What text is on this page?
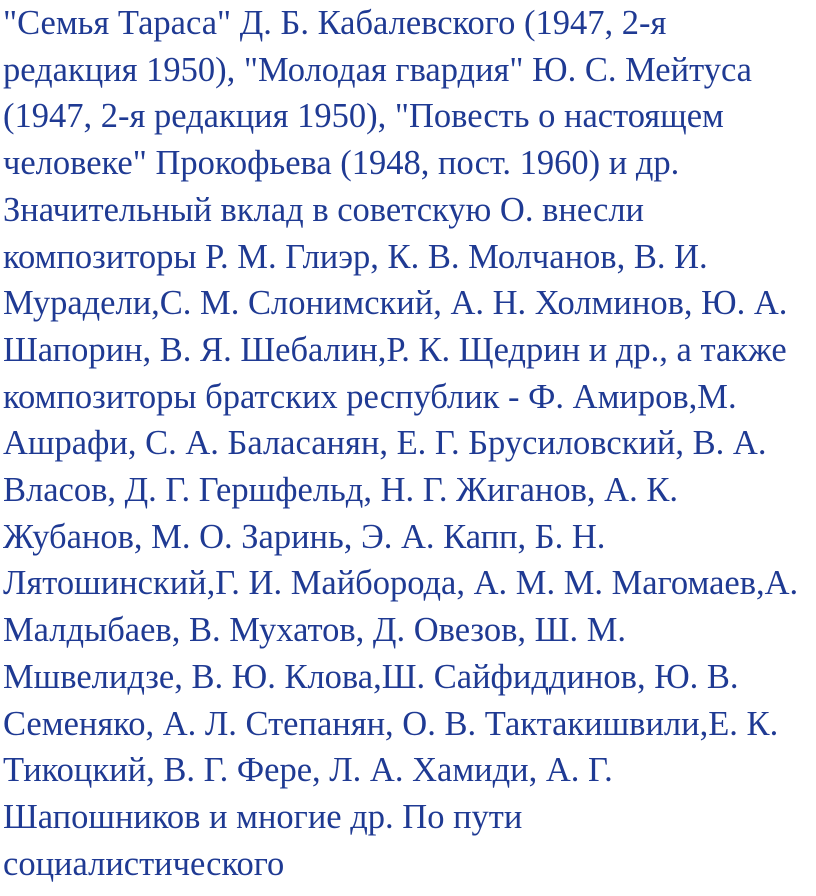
"Семья Тараса" Д. Б. Кабалевского (1947, 2-я
редакция 1950), "Молодая гвардия" Ю. С. Мейтуса
(1947, 2-я редакция 1950), "Повесть о настоящем
человеке" Прокофьева (1948, пост. 1960) и др.
Значительный вклад в советскую О. внесли
композиторы Р. М. Глиэр, К. В. Молчанов, В. И.
Мурадели,С. М. Слонимский, А. Н. Холминов, Ю. А.
Шапорин, В. Я. Шебалин,Р. К. Щедрин и др., а также
композиторы братских республик - Ф. Амиров,М.
Ашрафи, С. А. Баласанян, Е. Г. Брусиловский, В. А.
Власов, Д. Г. Гершфельд, Н. Г. Жиганов, А. К.
Жубанов, М. О. Заринь, Э. А. Капп, Б. Н.
Лятошинский,Г. И. Майборода, А. М. М. Магомаев,А.
Малдыбаев, В. Мухатов, Д. Овезов, Ш. М.
Мшвелидзе, В. Ю. Клова,Ш. Сайфиддинов, Ю. В.
Семеняко, А. Л. Степанян, О. В. Тактакишвили,Е. К.
Тикоцкий, В. Г. Фере, Л. А. Хамиди, А. Г.
Шапошников и многие др. По пути
социалистического
